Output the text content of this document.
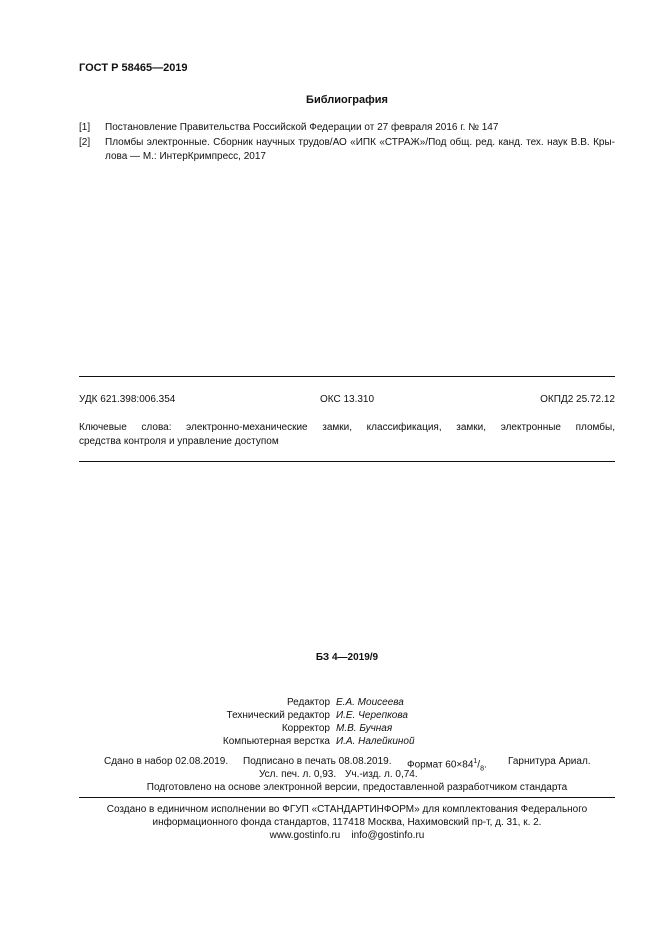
ГОСТ Р 58465—2019
Библиография
[1]	Постановление Правительства Российской Федерации от 27 февраля 2016 г. № 147
[2]	Пломбы электронные. Сборник научных трудов/АО «ИПК «СТРАЖ»/Под общ. ред. канд. тех. наук В.В. Кры-
лова — М.: ИнтерКримпресс, 2017
УДК 621.398:006.354	ОКС 13.310	ОКПД2 25.72.12
Ключевые слова: электронно-механические замки, классификация, замки, электронные пломбы,
средства контроля и управление доступом
БЗ 4—2019/9
Редактор Е.А. Моисеева
Технический редактор И.Е. Черепкова
Корректор М.В. Бучная
Компьютерная верстка И.А. Налейкиной
Сдано в набор 02.08.2019. Подписано в печать 08.08.2019. Формат $60\times 84^1/_8$. Гарнитура Ариал.
Усл. печ. л. 0,93. Уч.-изд. л. 0,74.
Подготовлено на основе электронной версии, предоставленной разработчиком стандарта
Создано в единичном исполнении во ФГУП «СТАНДАРТИНФОРМ» для комплектования Федерального
информационного фонда стандартов, 117418 Москва, Нахимовский пр-т, д. 31, к. 2.
www.gostinfo.ru info@gostinfo.ru
